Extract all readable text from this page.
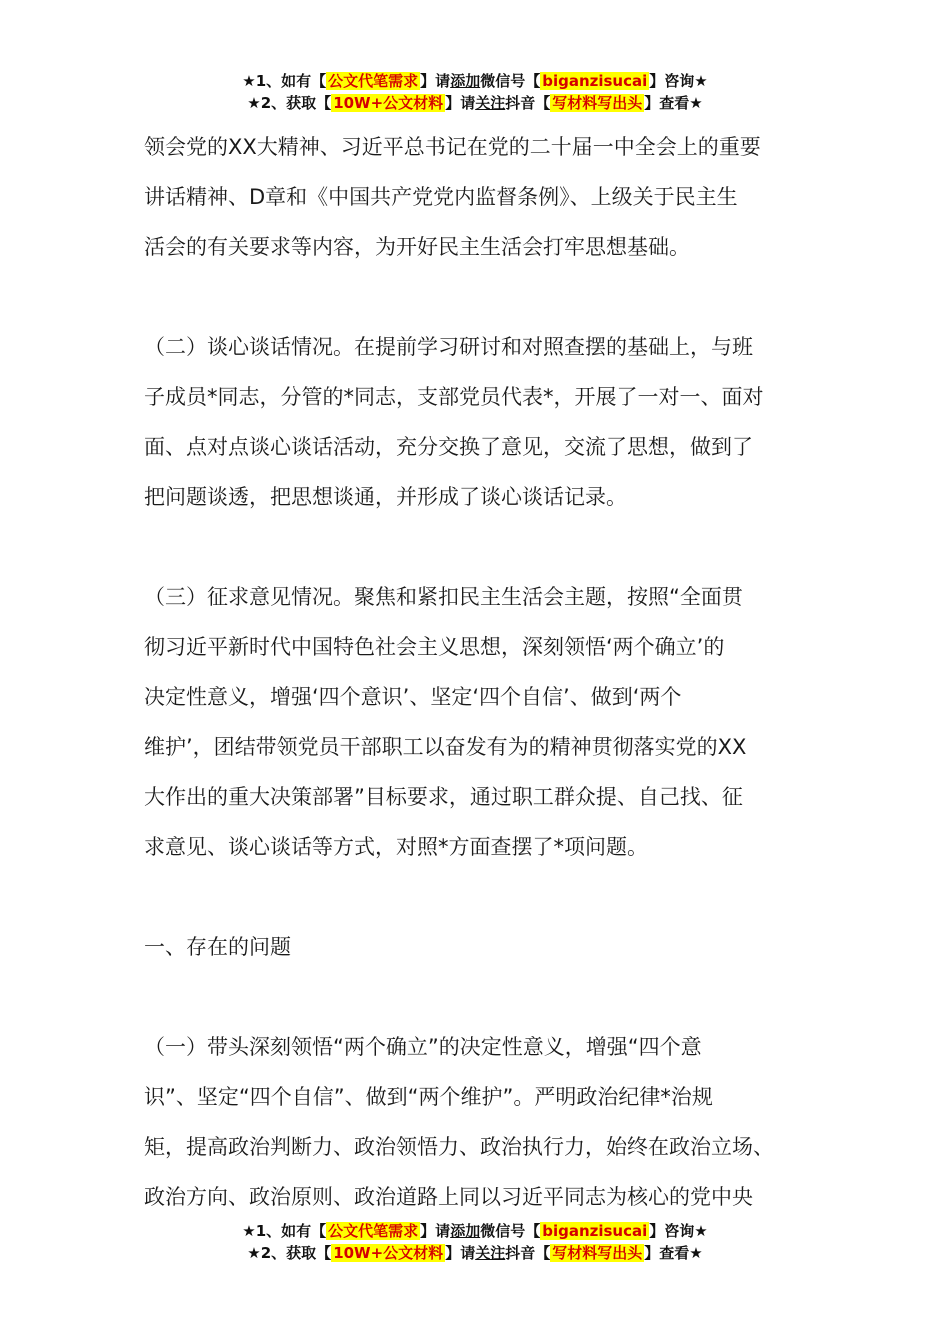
★1、如有【 公文代笔需求 】请添加微信号【 biganzisucai 】咨询★
★2、获取【 10W+公文材料 】请关注抖音【 写材料写出头 】查看★
领会党的XX大精神、习近平总书记在党的二十届一中全会上的重要
讲话精神、D章和《中国共产党党内监督条例》、上级关于民主生
活会的有关要求等内容，为开好民主生活会打牢思想基础。
（二）谈心谈话情况。在提前学习研讨和对照查摆的基础上，与班
子成员*同志，分管的*同志，支部党员代表*，开展了一对一、面对
面、点对点谈心谈话活动，充分交换了意见，交流了思想，做到了
把问题谈透，把思想谈通，并形成了谈心谈话记录。
（三）征求意见情况。聚焦和紧扣民主生活会主题，按照“全面贯
彻习近平新时代中国特色社会主义思想，深刻领悟‘两个确立’的
决定性意义，增强‘四个意识’、坚定‘四个自信’、做到‘两个
维护’，团结带领党员干部职工以奋发有为的精神贯彻落实党的XX
大作出的重大决策部署”目标要求，通过职工群众提、自己找、征
求意见、谈心谈话等方式，对照*方面查摆了*项问题。
一、存在的问题
（一）带头深刻领悟“两个确立”的决定性意义，增强“四个意
识”、坚定“四个自信”、做到“两个维护”。严明政治纪律*治规
矩，提高政治判断力、政治领悟力、政治执行力，始终在政治立场、
政治方向、政治原则、政治道路上同以习近平同志为核心的党中央
★1、如有【 公文代笔需求 】请添加微信号【 biganzisucai 】咨询★
★2、获取【 10W+公文材料 】请关注抖音【 写材料写出头 】查看★
